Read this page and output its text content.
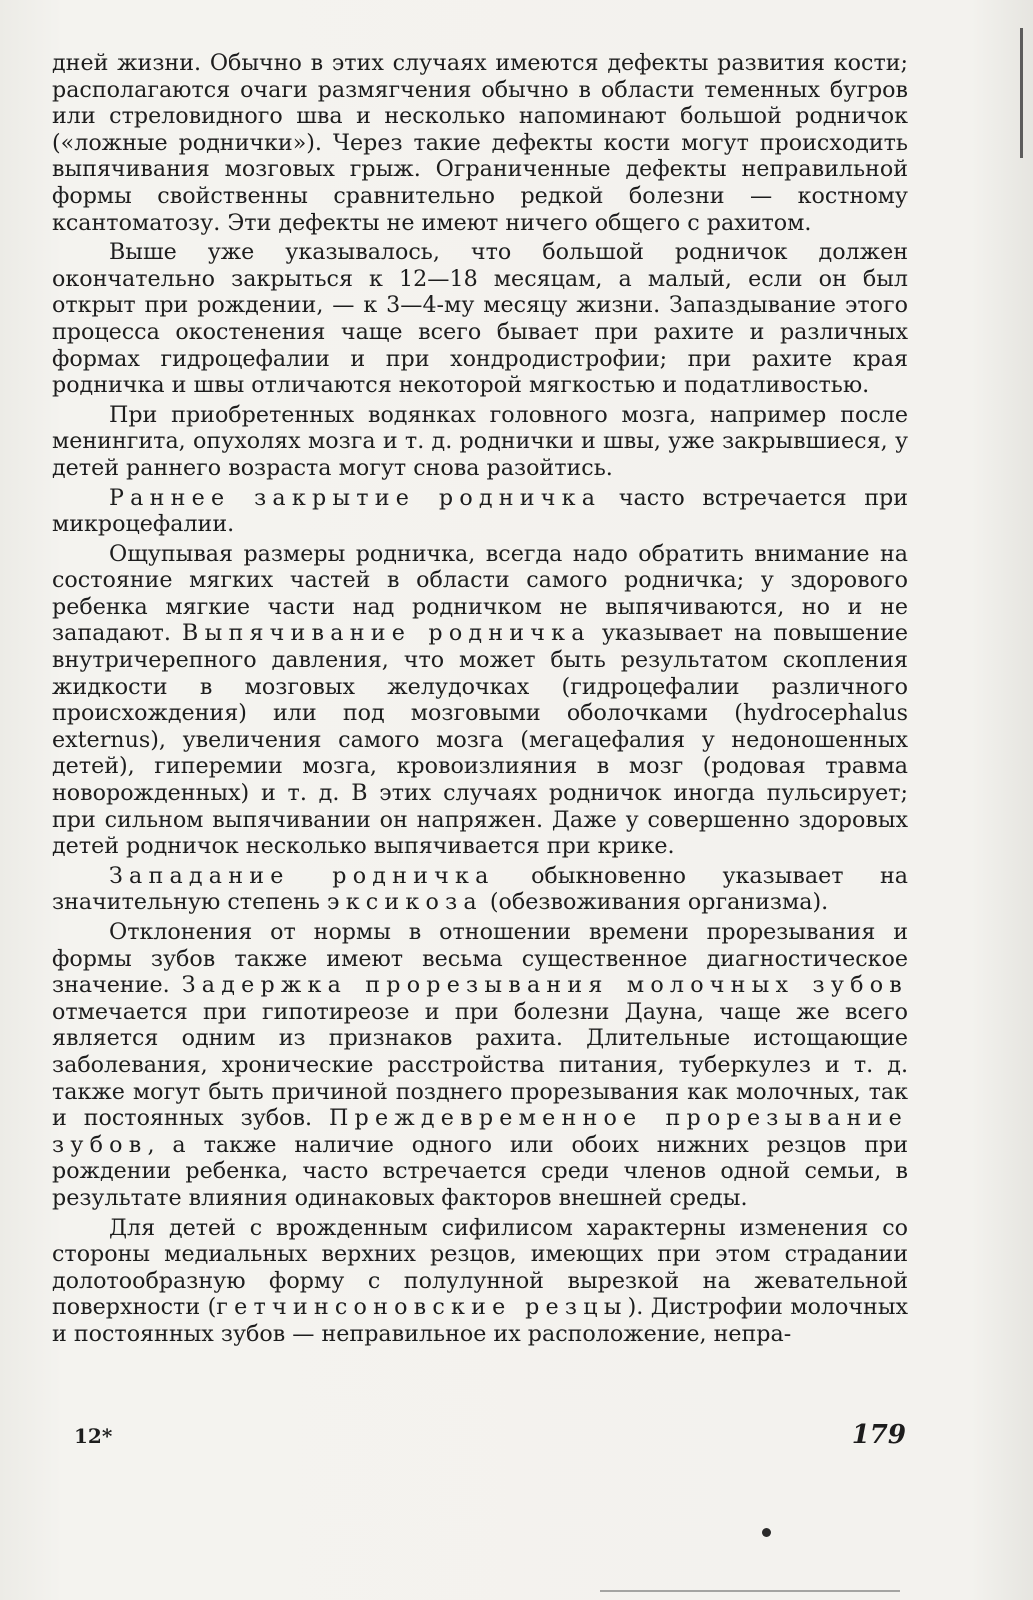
дней жизни. Обычно в этих случаях имеются дефекты развития кости; располагаются очаги размягчения обычно в области теменных бугров или стреловидного шва и несколько напоминают большой родничок («ложные роднички»). Через такие дефекты кости могут происходить выпячивания мозговых грыж. Ограниченные дефекты неправильной формы свойственны сравнительно редкой болезни — костному ксантоматозу. Эти дефекты не имеют ничего общего с рахитом.

Выше уже указывалось, что большой родничок должен окончательно закрыться к 12—18 месяцам, а малый, если он был открыт при рождении, — к 3—4-му месяцу жизни. Запаздывание этого процесса окостенения чаще всего бывает при рахите и различных формах гидроцефалии и при хондродистрофии; при рахите края родничка и швы отличаются некоторой мягкостью и податливостью.

При приобретенных водянках головного мозга, например после менингита, опухолях мозга и т. д. роднички и швы, уже закрывшиеся, у детей раннего возраста могут снова разойтись.

Раннее закрытие родничка часто встречается при микроцефалии.

Ощупывая размеры родничка, всегда надо обратить внимание на состояние мягких частей в области самого родничка; у здорового ребенка мягкие части над родничком не выпячиваются, но и не западают. Выпячивание родничка указывает на повышение внутричерепного давления, что может быть результатом скопления жидкости в мозговых желудочках (гидроцефалии различного происхождения) или под мозговыми оболочками (hydrocephalus externus), увеличения самого мозга (мегацефалия у недоношенных детей), гиперемии мозга, кровоизлияния в мозг (родовая травма новорожденных) и т. д. В этих случаях родничок иногда пульсирует; при сильном выпячивании он напряжен. Даже у совершенно здоровых детей родничок несколько выпячивается при крике.

Западание родничка обыкновенно указывает на значительную степень эксикоза (обезвоживания организма).

Отклонения от нормы в отношении времени прорезывания и формы зубов также имеют весьма существенное диагностическое значение. Задержка прорезывания молочных зубов отмечается при гипотиреозе и при болезни Дауна, чаще же всего является одним из признаков рахита. Длительные истощающие заболевания, хронические расстройства питания, туберкулез и т. д. также могут быть причиной позднего прорезывания как молочных, так и постоянных зубов. Преждевременное прорезывание зубов, а также наличие одного или обоих нижних резцов при рождении ребенка, часто встречается среди членов одной семьи, в результате влияния одинаковых факторов внешней среды.

Для детей с врожденным сифилисом характерны изменения со стороны медиальных верхних резцов, имеющих при этом страдании долотообразную форму с полулунной вырезкой на жевательной поверхности (гетчинсоновские резцы). Дистрофии молочных и постоянных зубов — неправильное их расположение, непра-

12*	179
